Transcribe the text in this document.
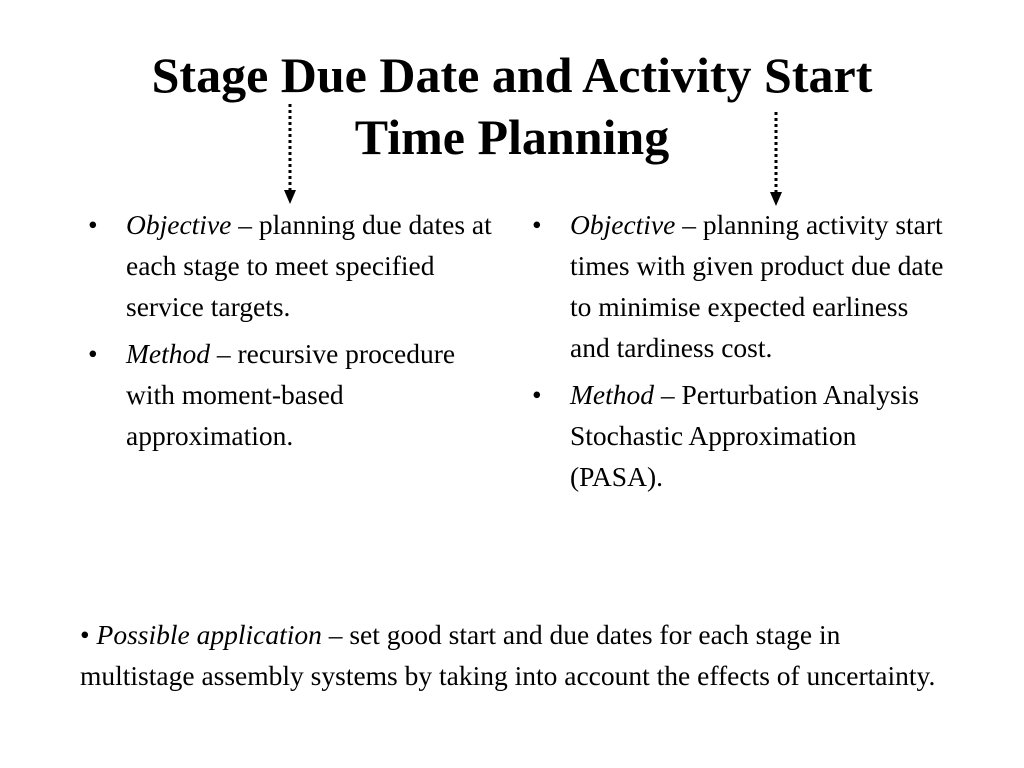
Stage Due Date and Activity Start
Time Planning
• Objective – planning due dates at each stage to meet specified service targets.
• Method – recursive procedure with moment-based approximation.
• Objective – planning activity start times with given product due date to minimise expected earliness and tardiness cost.
• Method – Perturbation Analysis Stochastic Approximation (PASA).

• Possible application – set good start and due dates for each stage in multistage assembly systems by taking into account the effects of uncertainty.
